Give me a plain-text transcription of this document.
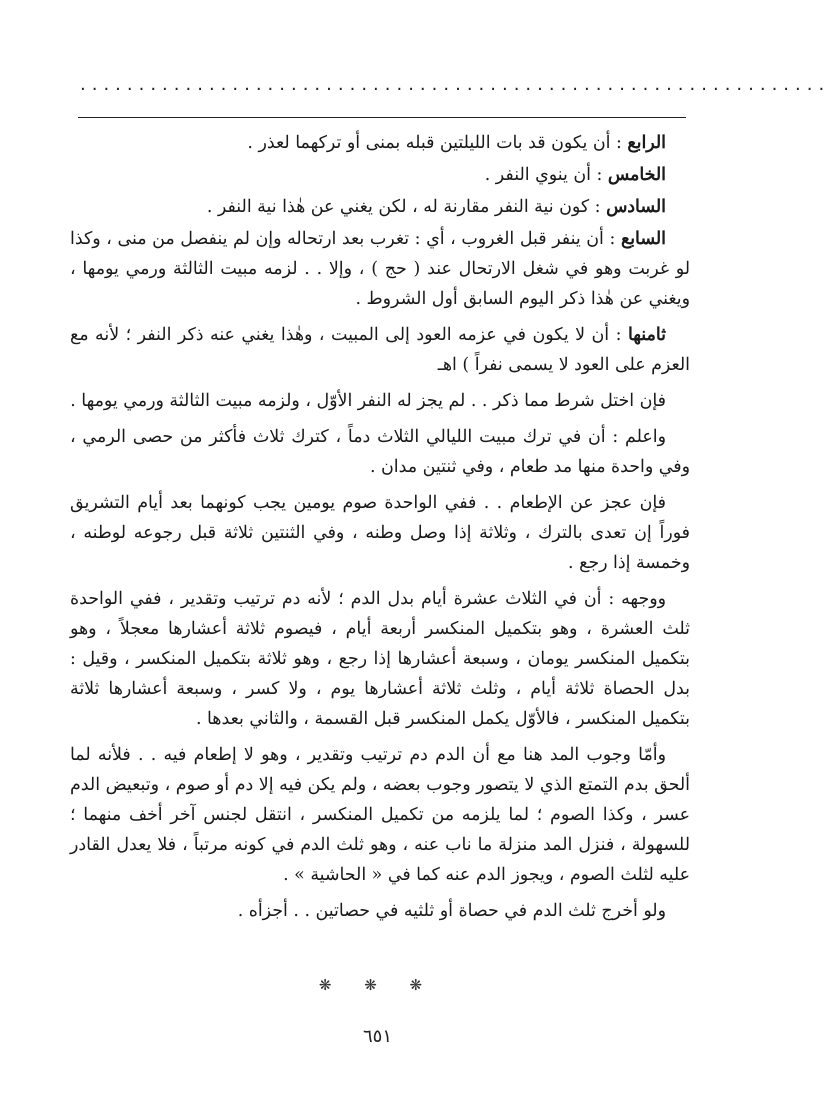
................................................................

الرابع : أن يكون قد بات الليلتين قبله بمنى أو تركهما لعذر .

الخامس : أن ينوي النفر .

السادس : كون نية النفر مقارنة له ، لكن يغني عن هٰذا نية النفر .

السابع : أن ينفر قبل الغروب ، أي : تغرب بعد ارتحاله وإن لم ينفصل من منى ، وكذا لو غربت وهو في شغل الارتحال عند ( حج ) ، وإلا . . لزمه مبيت الثالثة ورمي يومها ، ويغني عن هٰذا ذكر اليوم السابق أول الشروط .

ثامنها : أن لا يكون في عزمه العود إلى المبيت ، وهٰذا يغني عنه ذكر النفر ؛ لأنه مع العزم على العود لا يسمى نفراً ) اهـ

فإن اختل شرط مما ذكر . . لم يجز له النفر الأوّل ، ولزمه مبيت الثالثة ورمي يومها .

واعلم : أن في ترك مبيت الليالي الثلاث دماً ، كترك ثلاث فأكثر من حصى الرمي ، وفي واحدة منها مد طعام ، وفي ثنتين مدان .

فإن عجز عن الإطعام . . ففي الواحدة صوم يومين يجب كونهما بعد أيام التشريق فوراً إن تعدى بالترك ، وثلاثة إذا وصل وطنه ، وفي الثنتين ثلاثة قبل رجوعه لوطنه ، وخمسة إذا رجع .

ووجهه : أن في الثلاث عشرة أيام بدل الدم ؛ لأنه دم ترتيب وتقدير ، ففي الواحدة ثلث العشرة ، وهو بتكميل المنكسر أربعة أيام ، فيصوم ثلاثة أعشارها معجلاً ، وهو بتكميل المنكسر يومان ، وسبعة أعشارها إذا رجع ، وهو ثلاثة بتكميل المنكسر ، وقيل : بدل الحصاة ثلاثة أيام ، وثلث ثلاثة أعشارها يوم ، ولا كسر ، وسبعة أعشارها ثلاثة بتكميل المنكسر ، فالأوّل يكمل المنكسر قبل القسمة ، والثاني بعدها .

وأمّا وجوب المد هنا مع أن الدم دم ترتيب وتقدير ، وهو لا إطعام فيه . . فلأنه لما ألحق بدم التمتع الذي لا يتصور وجوب بعضه ، ولم يكن فيه إلا دم أو صوم ، وتبعيض الدم عسر ، وكذا الصوم ؛ لما يلزمه من تكميل المنكسر ، انتقل لجنس آخر أخف منهما ؛ للسهولة ، فنزل المد منزلة ما ناب عنه ، وهو ثلث الدم في كونه مرتباً ، فلا يعدل القادر عليه لثلث الصوم ، ويجوز الدم عنه كما في « الحاشية » .

ولو أخرج ثلث الدم في حصاة أو ثلثيه في حصاتين . . أجزأه .

❋ ❋ ❋
٦٥١
